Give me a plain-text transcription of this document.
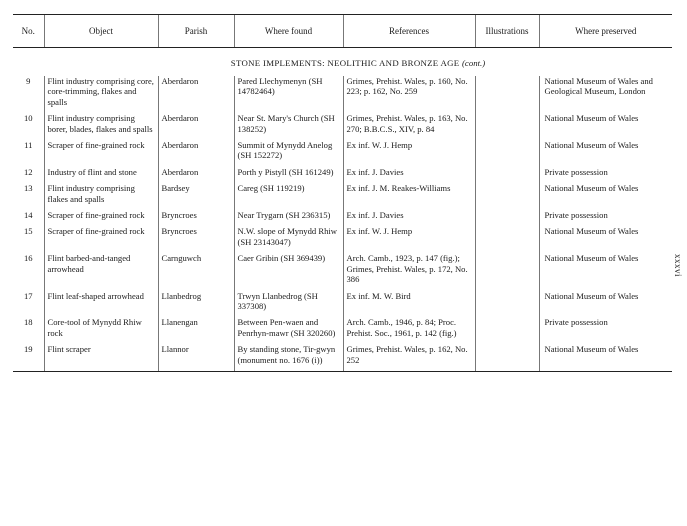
No.	Object	Parish	Where found	References	Illustrations	Where preserved
	STONE IMPLEMENTS: NEOLITHIC AND BRONZE AGE (cont.)					
9	Flint industry comprising core, core-trimming, flakes and spalls	Aberdaron	Pared Llechymenyn (SH 14782464)	Grimes, Prehist. Wales, p. 160, No. 223; p. 162, No. 259		National Museum of Wales and Geological Museum, London
10	Flint industry comprising borer, blades, flakes and spalls	Aberdaron	Near St. Mary's Church (SH 138252)	Grimes, Prehist. Wales, p. 163, No. 270; B.B.C.S., XIV, p. 84		National Museum of Wales
11	Scraper of fine-grained rock	Aberdaron	Summit of Mynydd Anelog (SH 152272)	Ex inf. W. J. Hemp		National Museum of Wales
12	Industry of flint and stone	Aberdaron	Porth y Pistyll (SH 161249)	Ex inf. J. Davies		Private possession
13	Flint industry comprising flakes and spalls	Bardsey	Careg (SH 119219)	Ex inf. J. M. Reakes-Williams		National Museum of Wales
14	Scraper of fine-grained rock	Bryncroes	Near Trygarn (SH 236315)	Ex inf. J. Davies		Private possession
15	Scraper of fine-grained rock	Bryncroes	N.W. slope of Mynydd Rhiw (SH 23143047)	Ex inf. W. J. Hemp		National Museum of Wales
16	Flint barbed-and-tanged arrowhead	Carnguwch	Caer Gribin (SH 369439)	Arch. Camb., 1923, p. 147 (fig.); Grimes, Prehist. Wales, p. 172, No. 386		National Museum of Wales
17	Flint leaf-shaped arrowhead	Llanbedrog	Trwyn Llanbedrog (SH 337308)	Ex inf. M. W. Bird		National Museum of Wales
18	Core-tool of Mynydd Rhiw rock	Llanengan	Between Pen-waen and Penrhyn-mawr (SH 320260)	Arch. Camb., 1946, p. 84; Proc. Prehist. Soc., 1961, p. 142 (fig.)		Private possession
19	Flint scraper	Llannor	By standing stone, Tir-gwyn (monument no. 1676 (i))	Grimes, Prehist. Wales, p. 162, No. 252		National Museum of Wales
xxxvi
